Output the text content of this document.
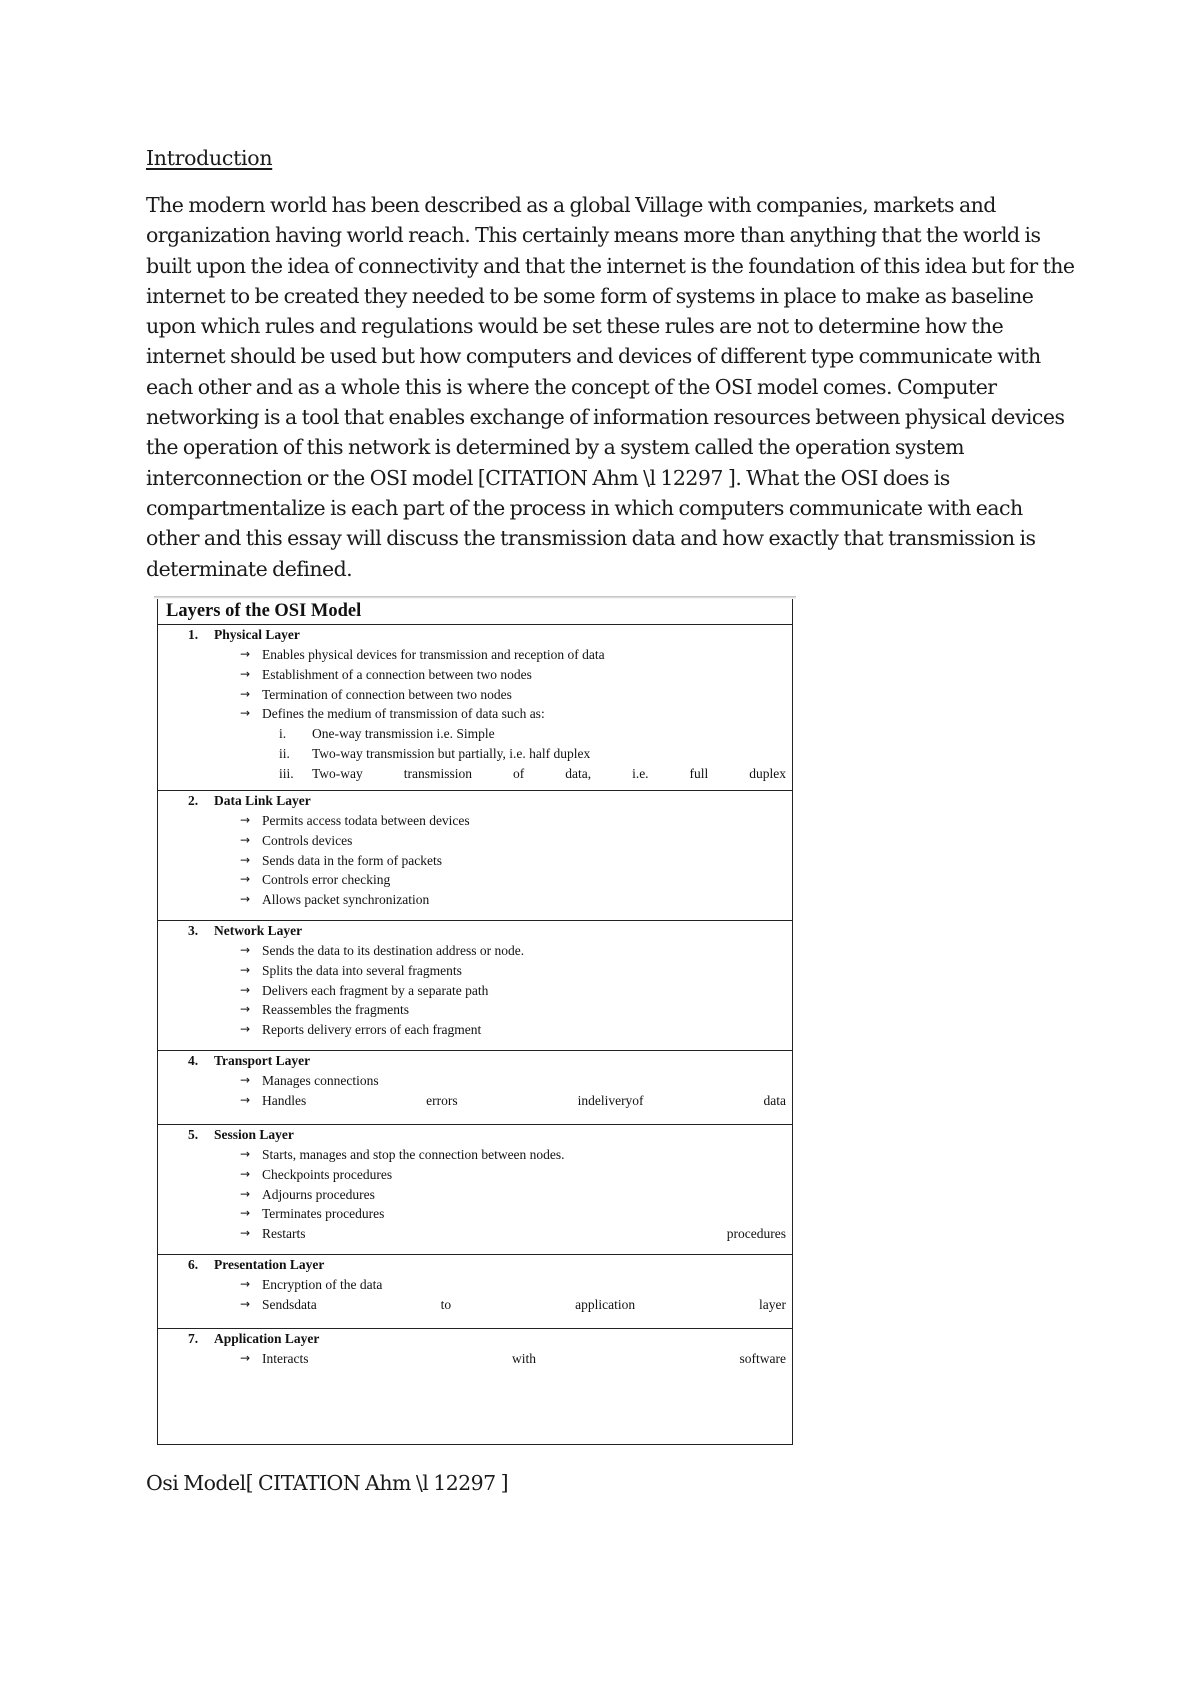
Introduction

The modern world has been described as a global Village with companies, markets and organization having world reach. This certainly means more than anything that the world is built upon the idea of connectivity and that the internet is the foundation of this idea but for the internet to be created they needed to be some form of systems in place to make as baseline upon which rules and regulations would be set these rules are not to determine how the internet should be used but how computers and devices of different type communicate with each other and as a whole this is where the concept of the OSI model comes. Computer networking is a tool that enables exchange of information resources between physical devices the operation of this network is determined by a system called the operation system interconnection or the OSI model [CITATION Ahm \l 12297 ]. What the OSI does is compartmentalize is each part of the process in which computers communicate with each other and this essay will discuss the transmission data and how exactly that transmission is determinate defined.

Layers of the OSI Model
1. Physical Layer
→ Enables physical devices for transmission and reception of data
→ Establishment of a connection between two nodes
→ Termination of connection between two nodes
→ Defines the medium of transmission of data such as:
i.	One-way transmission i.e. Simple
ii.	Two-way transmission but partially, i.e. half duplex
iii.	Two-way	transmission	of	data,	i.e.	full	duplex
2. Data Link Layer
→ Permits access todata between devices
→ Controls devices
→ Sends data in the form of packets
→ Controls error checking
→ Allows packet synchronization
3. Network Layer
→ Sends the data to its destination address or node.
→ Splits the data into several fragments
→ Delivers each fragment by a separate path
→ Reassembles the fragments
→ Reports delivery errors of each fragment
4. Transport Layer
→ Manages connections
→ Handles	errors	indeliveryof	data
5. Session Layer
→ Starts, manages and stop the connection between nodes.
→ Checkpoints procedures
→ Adjourns procedures
→ Terminates procedures
→ Restarts	procedures
6. Presentation Layer
→ Encryption of the data
→ Sendsdata	to	application	layer
7. Application Layer
→ Interacts	with	software
Osi Model[ CITATION Ahm \l 12297 ]
